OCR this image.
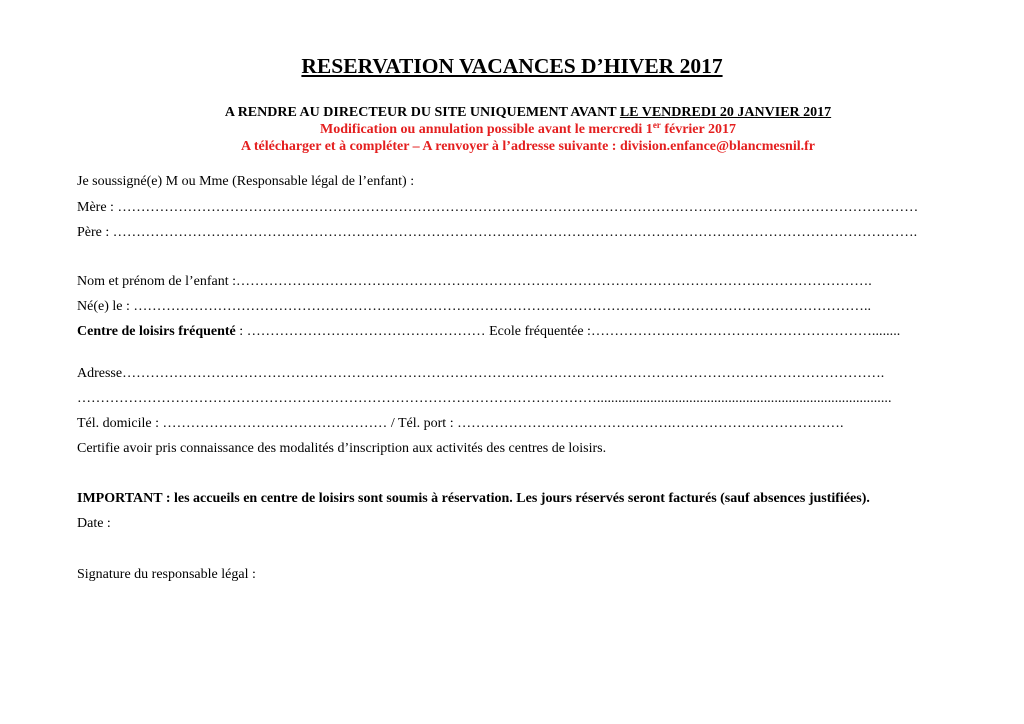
RESERVATION VACANCES D’HIVER 2017
A RENDRE AU DIRECTEUR DU SITE UNIQUEMENT AVANT LE VENDREDI 20 JANVIER 2017
Modification ou annulation possible avant le mercredi 1er février 2017
A télécharger et à compléter – A renvoyer à l’adresse suivante : division.enfance@blancmesnil.fr
Je soussigné(e) M ou Mme (Responsable légal de l’enfant) :
Mère : ………………………………………………………………………………………………………………………………………………………
Père : ……………………………………………………………………………………………………………………………………………………….
Nom et prénom de l’enfant :……………………………………………………………………………………………………………………….
Né(e) le : …………………………………………………………………………………………………………………………………………..
Centre de loisirs fréquenté : …………………………………………… Ecole fréquentée :……………………………………………………........
Adresse……………………………………………………………………………………………………………………………………………….
…………………………………………………………………………………………………...................................................................................
Tél. domicile : ………………………………………… / Tél. port : ……………………………………….……………………………….
Certifie avoir pris connaissance des modalités d’inscription aux activités des centres de loisirs.
IMPORTANT : les accueils en centre de loisirs sont soumis à réservation. Les jours réservés seront facturés (sauf absences justifiées).
Date :
Signature du responsable légal :
